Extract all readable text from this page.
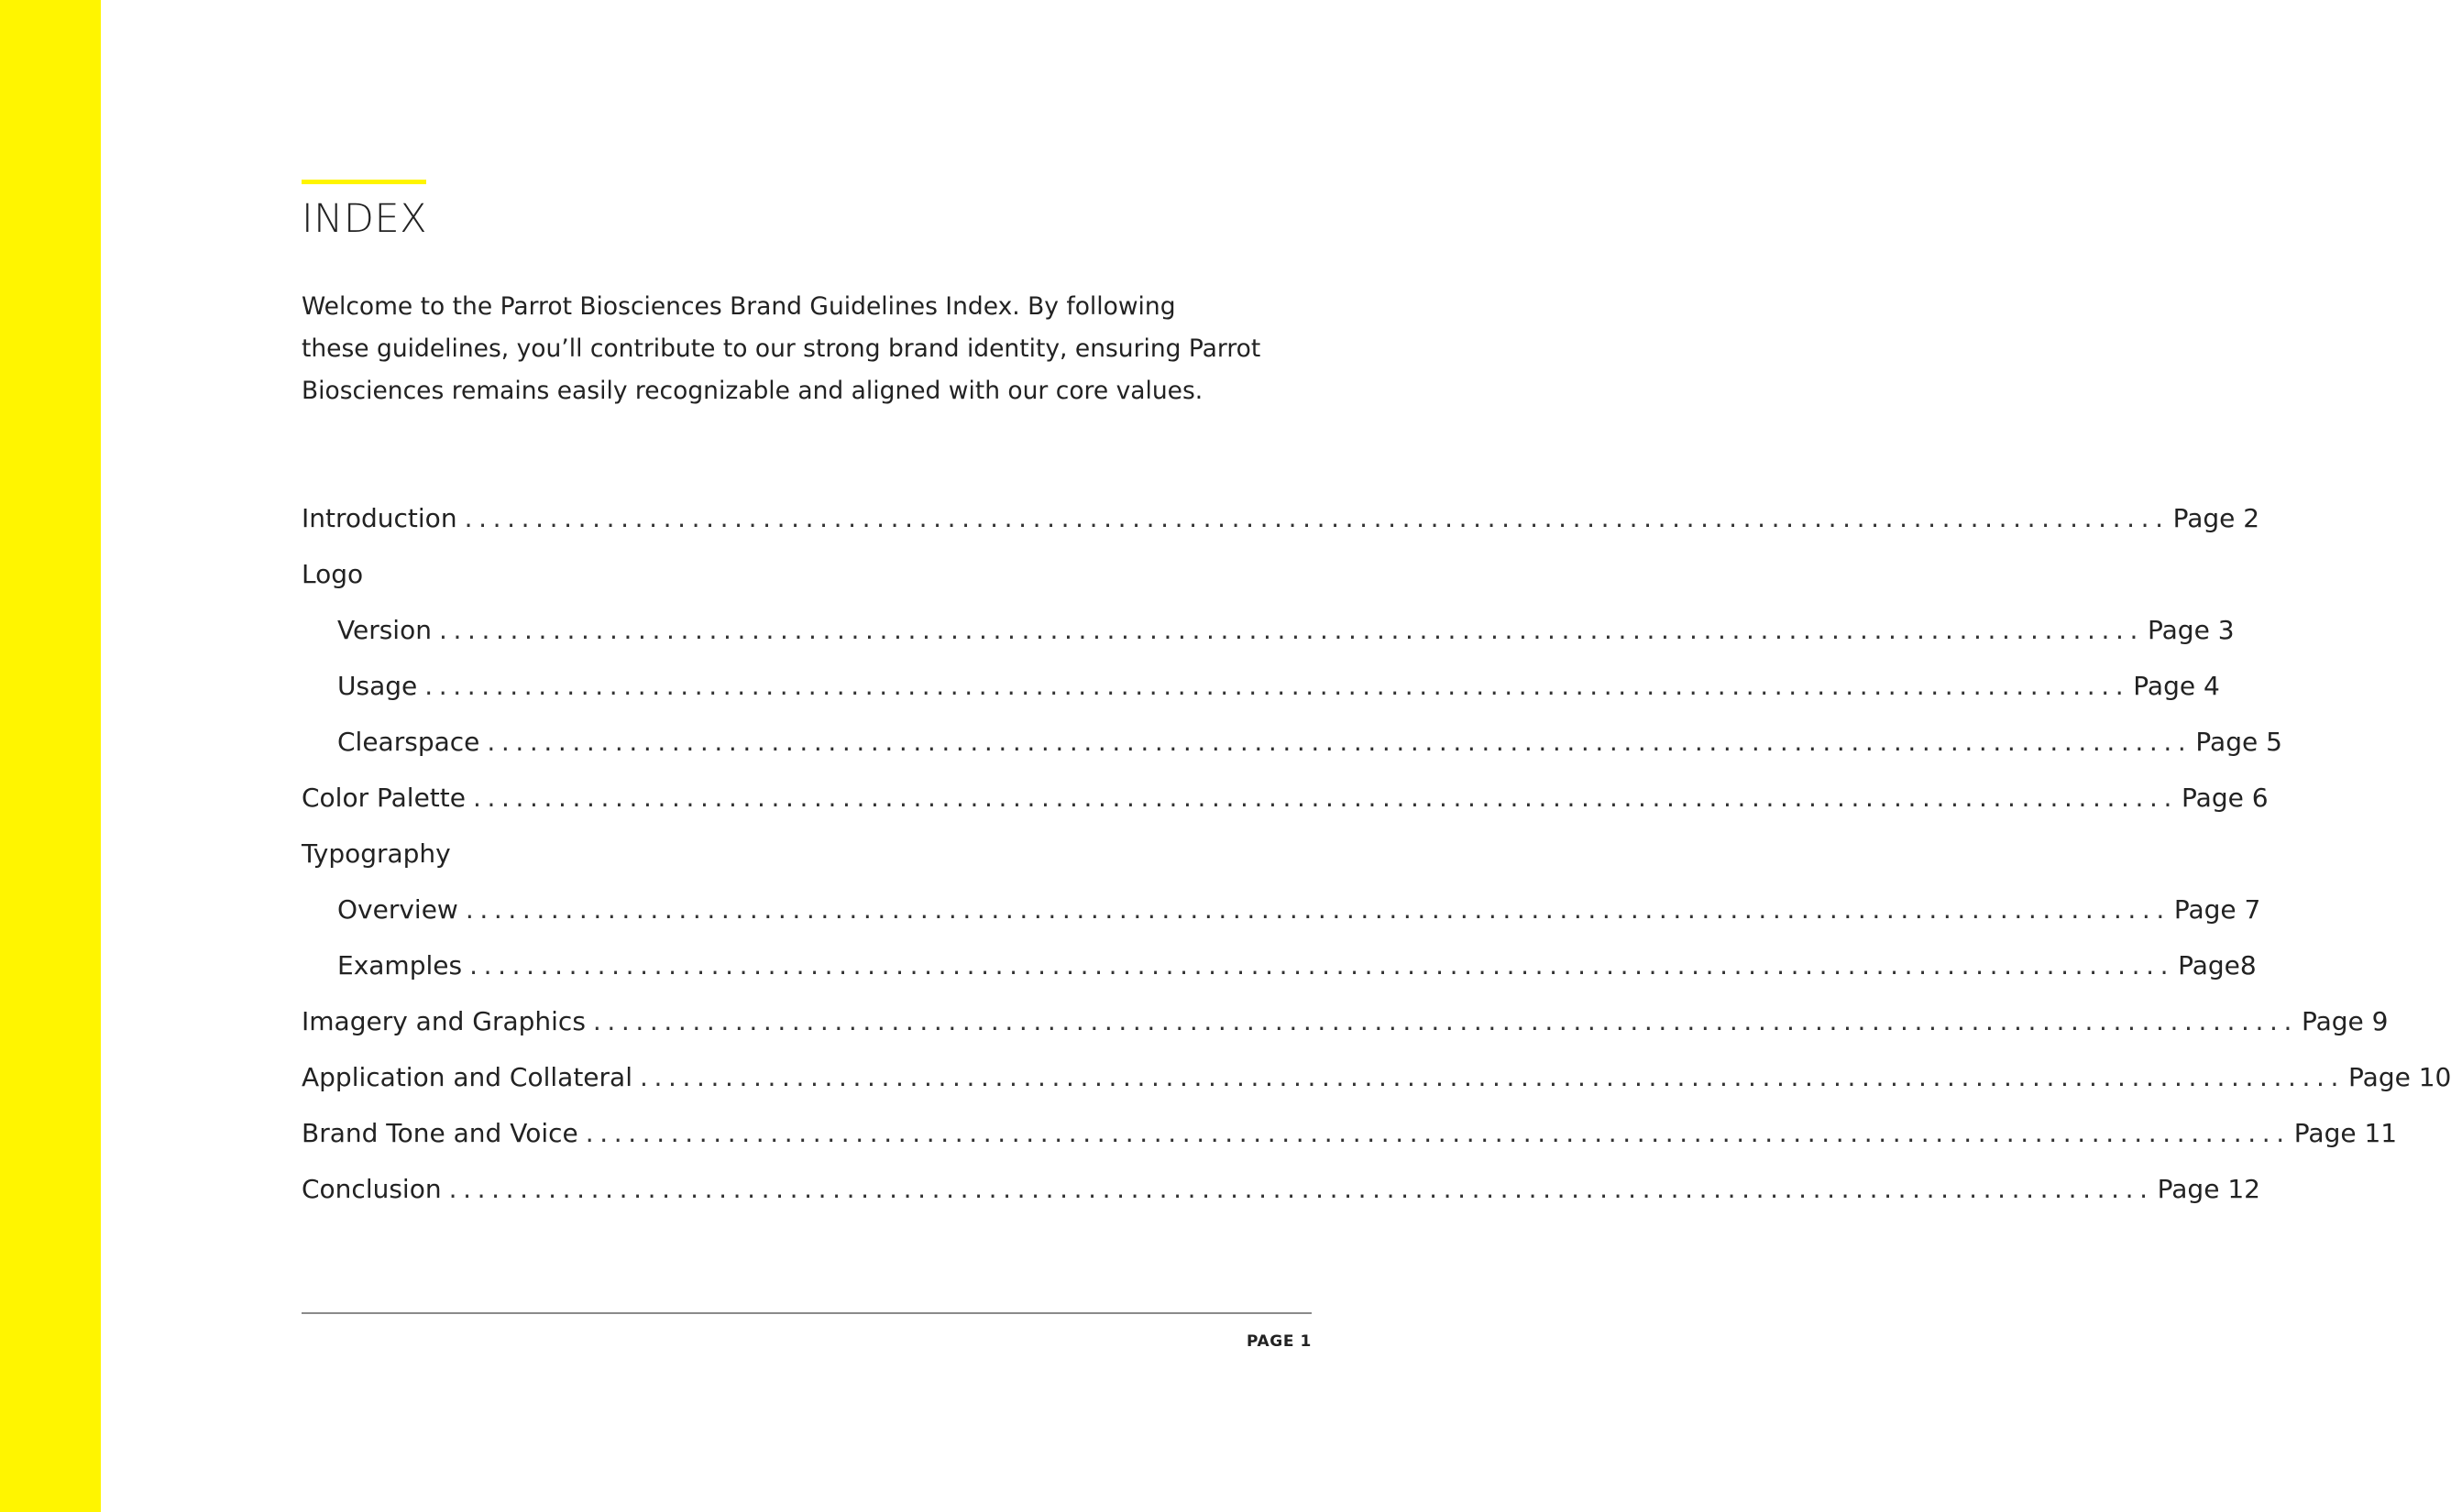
INDEX

Welcome to the Parrot Biosciences Brand Guidelines Index. By following
these guidelines, you’ll contribute to our strong brand identity, ensuring Parrot
Biosciences remains easily recognizable and aligned with our core values.

Introduction ........................................................................................................................ Page 2
Logo
Version ........................................................................................................................ Page 3
Usage ........................................................................................................................ Page 4
Clearspace ........................................................................................................................ Page 5
Color Palette ........................................................................................................................ Page 6
Typography
Overview ........................................................................................................................ Page 7
Examples ........................................................................................................................ Page8
Imagery and Graphics ........................................................................................................................ Page 9
Application and Collateral ........................................................................................................................ Page 10
Brand Tone and Voice ........................................................................................................................ Page 11
Conclusion ........................................................................................................................ Page 12
PAGE 1
